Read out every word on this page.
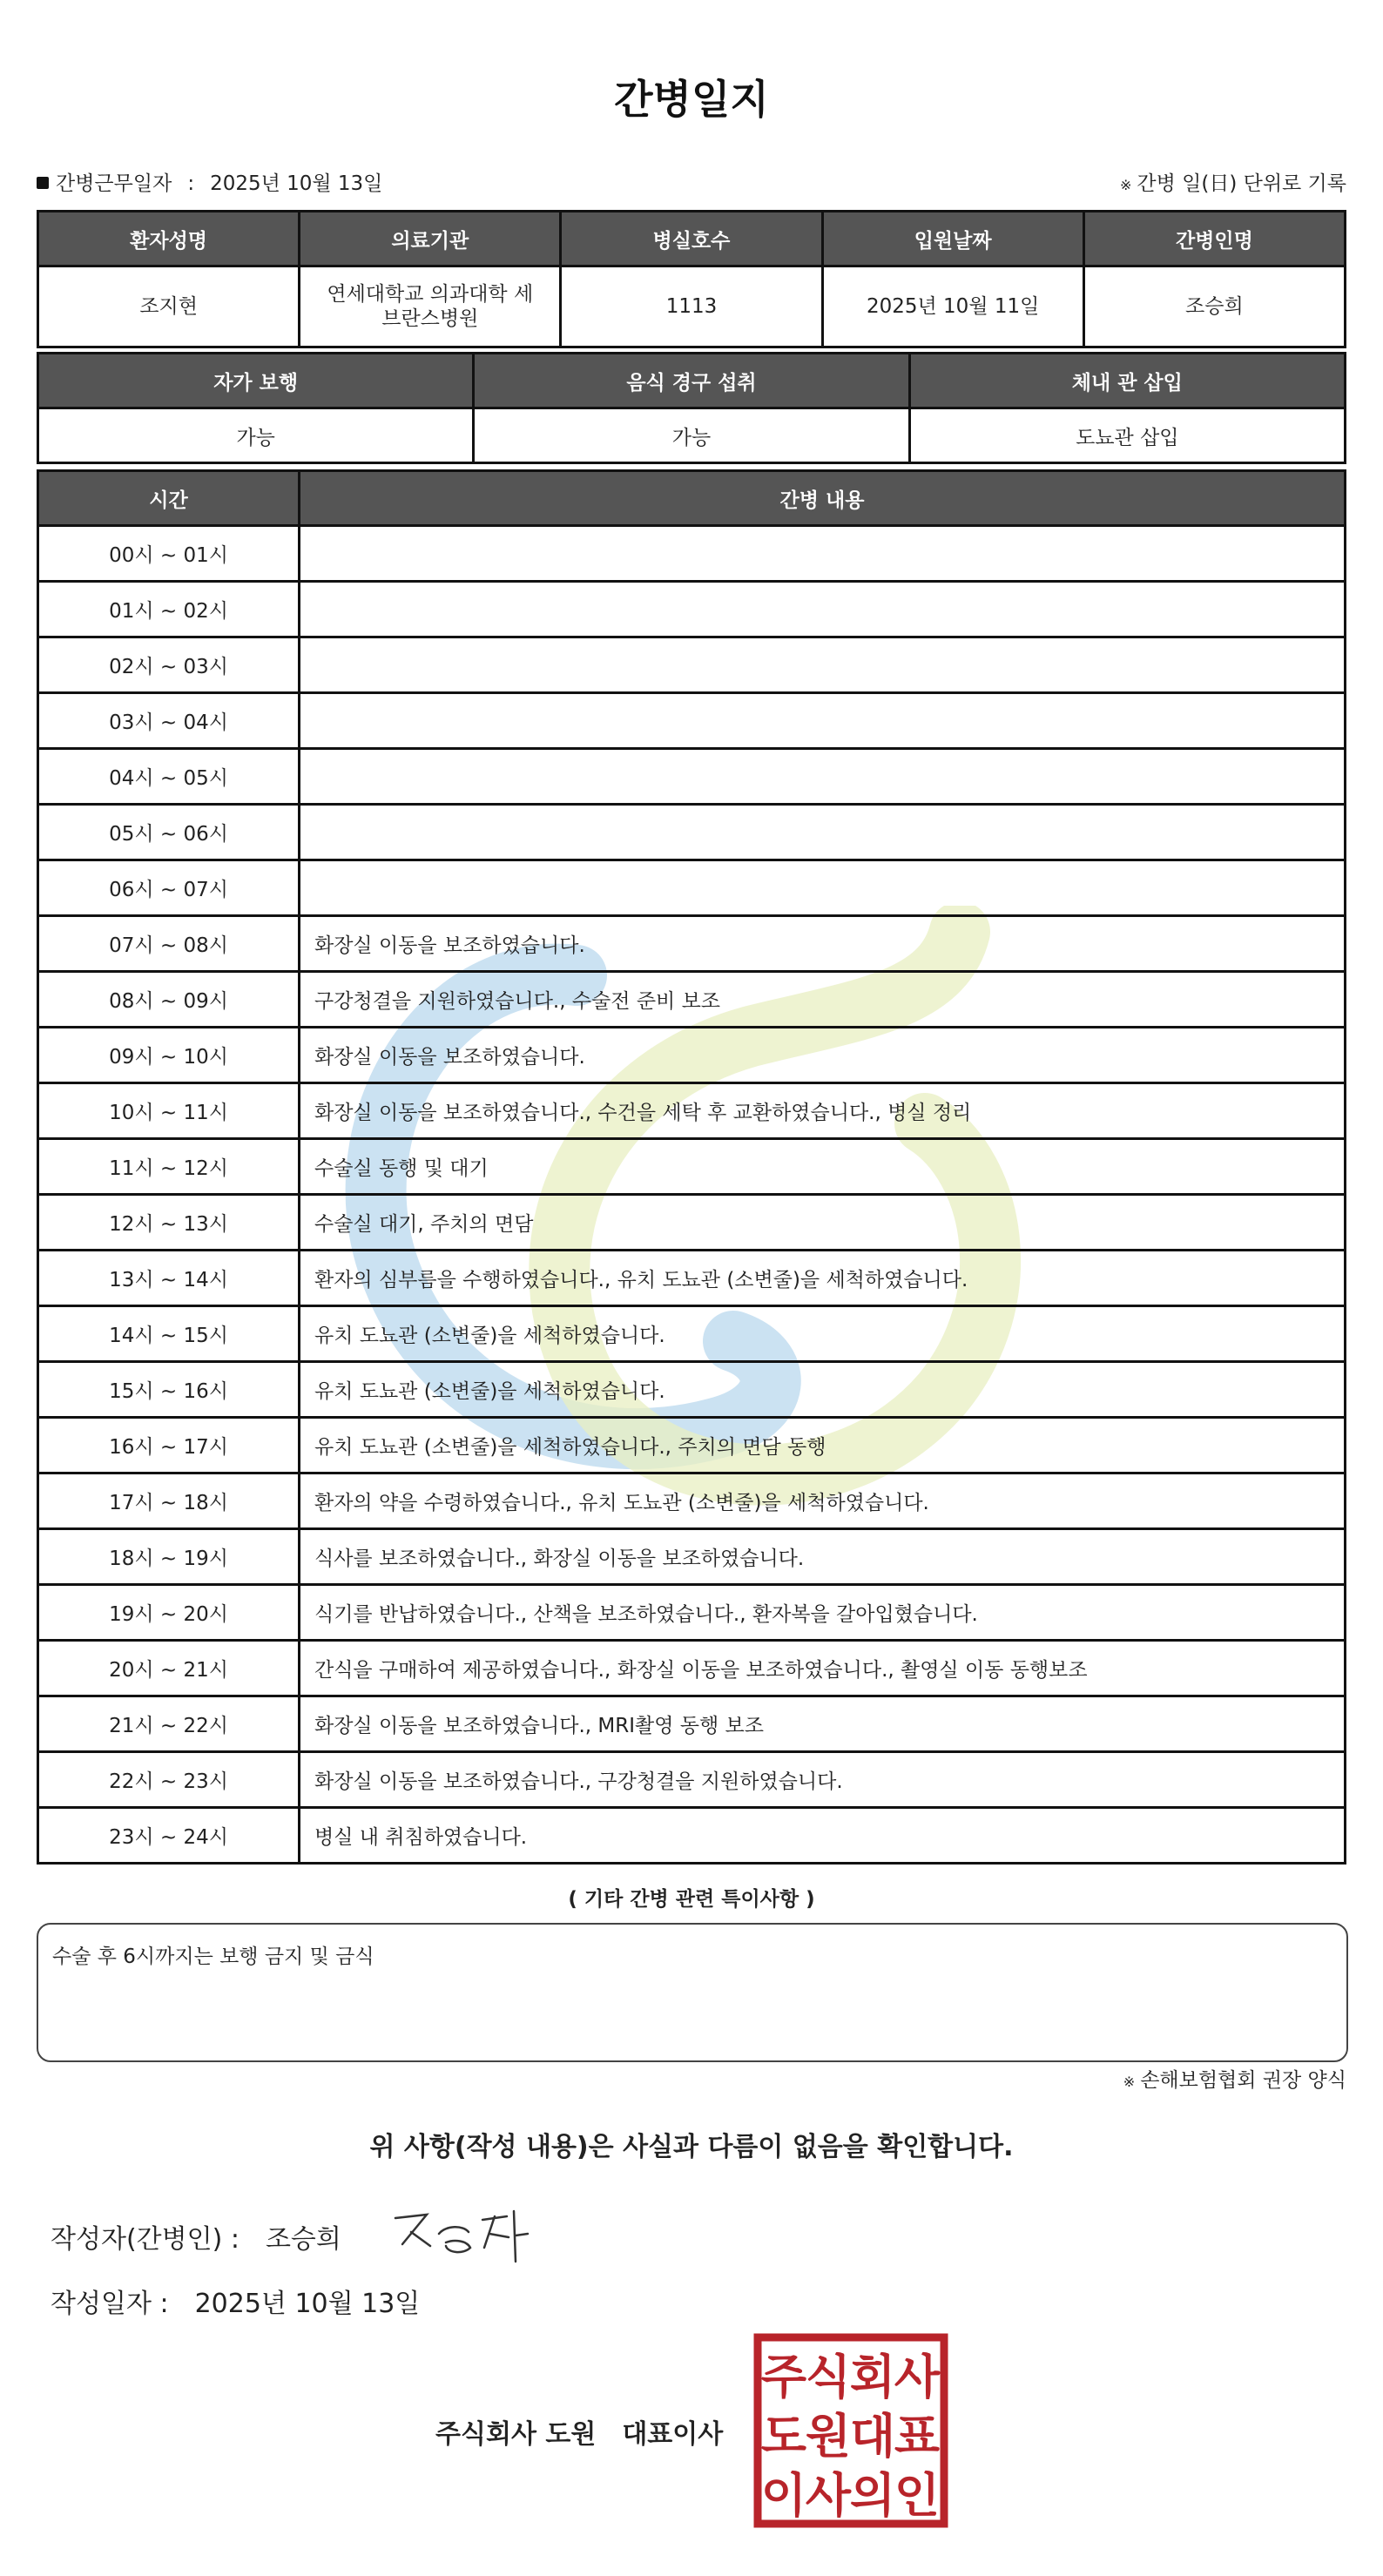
간병일지
간병근무일자 : 2025년 10월 13일	※ 간병 일(日) 단위로 기록
환자성명	의료기관	병실호수	입원날짜	간병인명
조지현	연세대학교 의과대학 세브란스병원	1113	2025년 10월 11일	조승희
자가 보행	음식 경구 섭취	체내 관 삽입
가능	가능	도뇨관 삽입
시간	간병 내용
00시 ~ 01시	
01시 ~ 02시	
02시 ~ 03시	
03시 ~ 04시	
04시 ~ 05시	
05시 ~ 06시	
06시 ~ 07시	
07시 ~ 08시	화장실 이동을 보조하였습니다.
08시 ~ 09시	구강청결을 지원하였습니다., 수술전 준비 보조
09시 ~ 10시	화장실 이동을 보조하였습니다.
10시 ~ 11시	화장실 이동을 보조하였습니다., 수건을 세탁 후 교환하였습니다., 병실 정리
11시 ~ 12시	수술실 동행 및 대기
12시 ~ 13시	수술실 대기, 주치의 면담
13시 ~ 14시	환자의 심부름을 수행하였습니다., 유치 도뇨관 (소변줄)을 세척하였습니다.
14시 ~ 15시	유치 도뇨관 (소변줄)을 세척하였습니다.
15시 ~ 16시	유치 도뇨관 (소변줄)을 세척하였습니다.
16시 ~ 17시	유치 도뇨관 (소변줄)을 세척하였습니다., 주치의 면담 동행
17시 ~ 18시	환자의 약을 수령하였습니다., 유치 도뇨관 (소변줄)을 세척하였습니다.
18시 ~ 19시	식사를 보조하였습니다., 화장실 이동을 보조하였습니다.
19시 ~ 20시	식기를 반납하였습니다., 산책을 보조하였습니다., 환자복을 갈아입혔습니다.
20시 ~ 21시	간식을 구매하여 제공하였습니다., 화장실 이동을 보조하였습니다., 촬영실 이동 동행보조
21시 ~ 22시	화장실 이동을 보조하였습니다., MRI촬영 동행 보조
22시 ~ 23시	화장실 이동을 보조하였습니다., 구강청결을 지원하였습니다.
23시 ~ 24시	병실 내 취침하였습니다.
( 기타 간병 관련 특이사항 )
수술 후 6시까지는 보행 금지 및 금식
※ 손해보험협회 권장 양식
위 사항(작성 내용)은 사실과 다름이 없음을 확인합니다.
작성자(간병인) : 조승희
작성일자 : 2025년 10월 13일
주식회사 도원 대표이사
주
식
회
사
도
원
대
표
이
사
의
인
